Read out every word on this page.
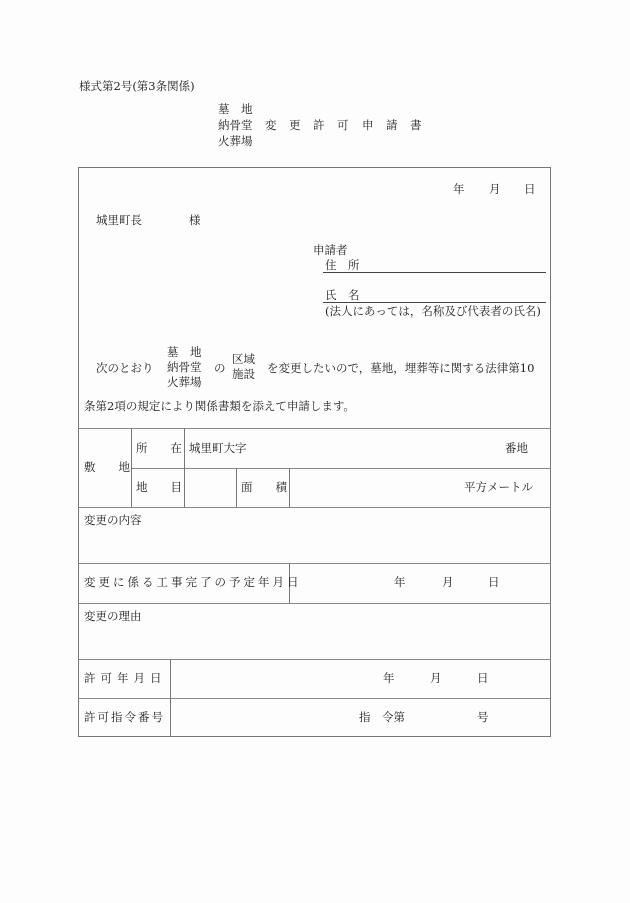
様式第2号(第3条関係)
墓　地
納骨堂
火葬場
変 更 許 可 申 請 書
年 月 日
城里町長	様
申請者
住　所
氏　名
(法人にあっては，名称及び代表者の氏名)
次のとおり
墓　地
納骨堂
火葬場
の
区域
施設 を変更したいので，墓地，埋葬等に関する法律第10
条第2項の規定により関係書類を添えて申請します。
敷　　地
所　　在 城里町大字	番地
地　　目	面　　積	平方メートル
変更の内容
変更に係る工事完了の予定年月日	年	月	日
変更の理由
許可年月日	年	月	日
許可指令番号	指　令第	号
